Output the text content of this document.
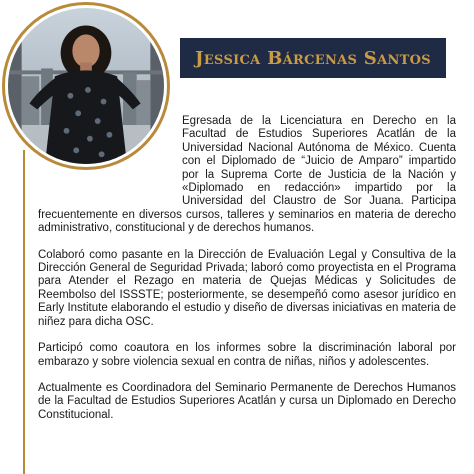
Jessica Bárcenas Santos

Egresada de la Licenciatura en Derecho en la Facultad de Estudios Superiores Acatlán de la Universidad Nacional Autónoma de México. Cuenta con el Diplomado de “Juicio de Amparo” impartido por la Suprema Corte de Justicia de la Nación y «Diplomado en redacción» impartido por la Universidad del Claustro de Sor Juana. Participa frecuentemente en diversos cursos, talleres y seminarios en materia de derecho administrativo, constitucional y de derechos humanos.

Colaboró como pasante en la Dirección de Evaluación Legal y Consultiva de la Dirección General de Seguridad Privada; laboró como proyectista en el Programa para Atender el Rezago en materia de Quejas Médicas y Solicitudes de Reembolso del ISSSTE; posteriormente, se desempeñó como asesor jurídico en Early Institute elaborando el estudio y diseño de diversas iniciativas en materia de niñez para dicha OSC.

Participó como coautora en los informes sobre la discriminación laboral por embarazo y sobre violencia sexual en contra de niñas, niños y adolescentes.

Actualmente es Coordinadora del Seminario Permanente de Derechos Humanos de la Facultad de Estudios Superiores Acatlán y cursa un Diplomado en Derecho Constitucional.
